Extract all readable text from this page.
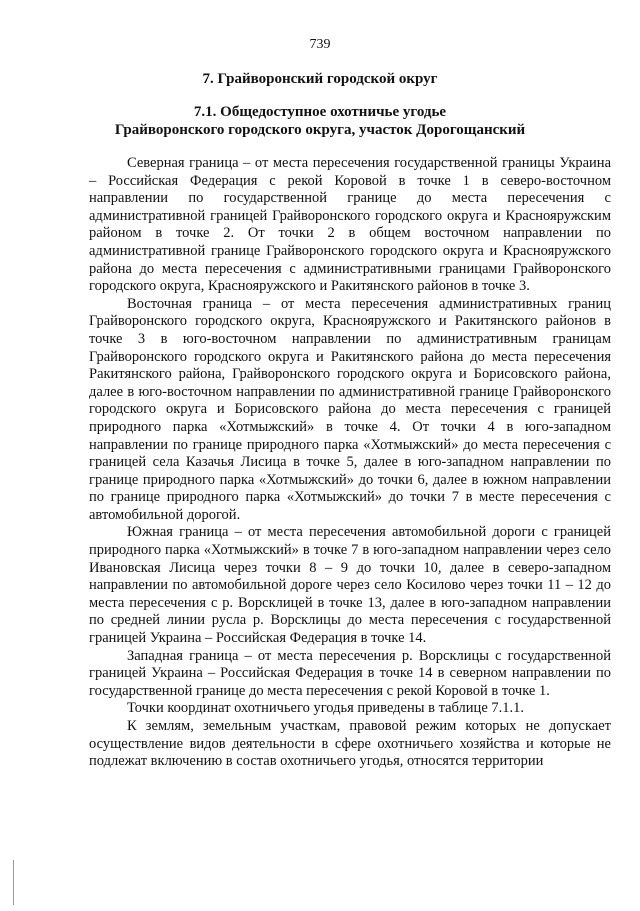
739
7. Грайворонский городской округ
7.1. Общедоступное охотничье угодье
Грайворонского городского округа, участок Дорогощанский

Северная граница – от места пересечения государственной границы Украина – Российская Федерация с рекой Коровой в точке 1 в северо-восточном направлении по государственной границе до места пересечения с административной границей Грайворонского городского округа и Краснояружским районом в точке 2. От точки 2 в общем восточном направлении по административной границе Грайворонского городского округа и Краснояружского района до места пересечения с административными границами Грайворонского городского округа, Краснояружского и Ракитянского районов в точке 3.

Восточная граница – от места пересечения административных границ Грайворонского городского округа, Краснояружского и Ракитянского районов в точке 3 в юго-восточном направлении по административным границам Грайворонского городского округа и Ракитянского района до места пересечения Ракитянского района, Грайворонского городского округа и Борисовского района, далее в юго-восточном направлении по административной границе Грайворонского городского округа и Борисовского района до места пересечения с границей природного парка «Хотмыжский» в точке 4. От точки 4 в юго-западном направлении по границе природного парка «Хотмыжский» до места пересечения с границей села Казачья Лисица в точке 5, далее в юго-западном направлении по границе природного парка «Хотмыжский» до точки 6, далее в южном направлении по границе природного парка «Хотмыжский» до точки 7 в месте пересечения с автомобильной дорогой.

Южная граница – от места пересечения автомобильной дороги с границей природного парка «Хотмыжский» в точке 7 в юго-западном направлении через село Ивановская Лисица через точки 8 – 9 до точки 10, далее в северо-западном направлении по автомобильной дороге через село Косилово через точки 11 – 12 до места пересечения с р. Ворсклицей в точке 13, далее в юго-западном направлении по средней линии русла р. Ворсклицы до места пересечения с государственной границей Украина – Российская Федерация в точке 14.

Западная граница – от места пересечения р. Ворсклицы с государственной границей Украина – Российская Федерация в точке 14 в северном направлении по государственной границе до места пересечения с рекой Коровой в точке 1.

Точки координат охотничьего угодья приведены в таблице 7.1.1.

К землям, земельным участкам, правовой режим которых не допускает осуществление видов деятельности в сфере охотничьего хозяйства и которые не подлежат включению в состав охотничьего угодья, относятся территории
